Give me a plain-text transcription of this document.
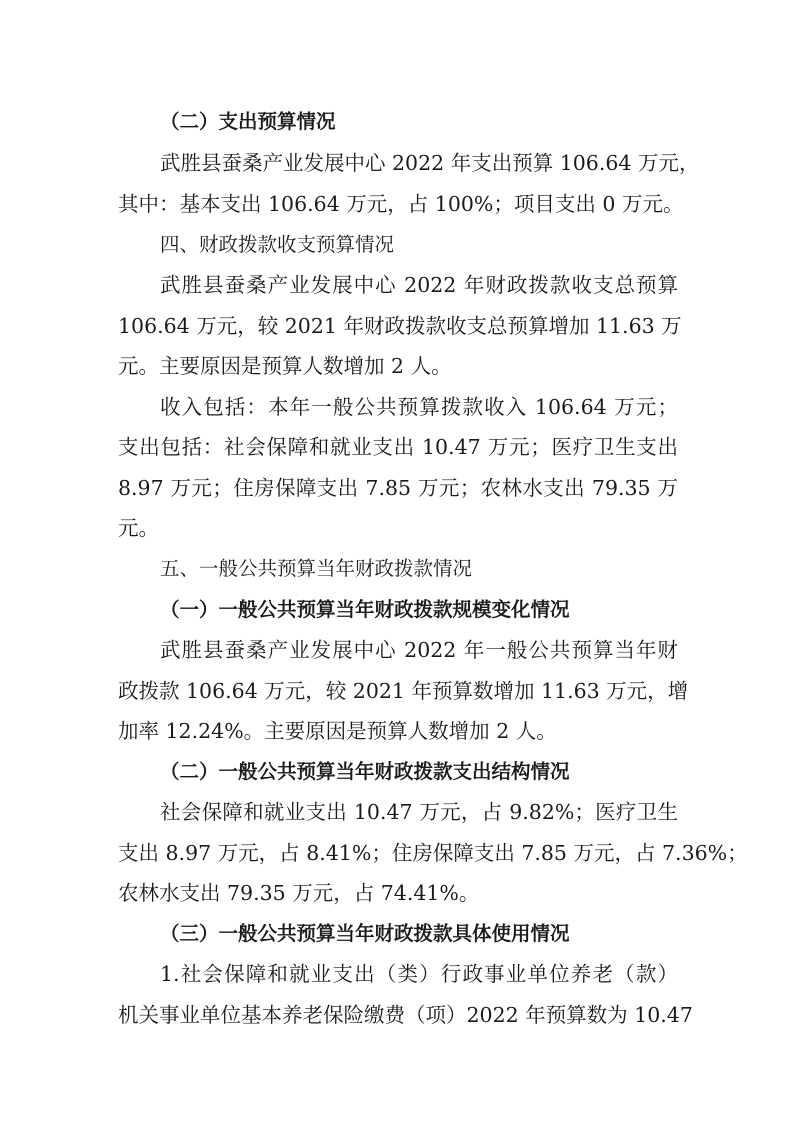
（二）支出预算情况
武胜县蚕桑产业发展中心 2022 年支出预算 106.64 万元，
其中：基本支出 106.64 万元，占 100%；项目支出 0 万元。
四、财政拨款收支预算情况
武胜县蚕桑产业发展中心 2022 年财政拨款收支总预算
106.64 万元，较 2021 年财政拨款收支总预算增加 11.63 万
元。主要原因是预算人数增加 2 人。
收入包括：本年一般公共预算拨款收入 106.64 万元；
支出包括：社会保障和就业支出 10.47 万元；医疗卫生支出
8.97 万元；住房保障支出 7.85 万元；农林水支出 79.35 万
元。
五、一般公共预算当年财政拨款情况
（一）一般公共预算当年财政拨款规模变化情况
武胜县蚕桑产业发展中心 2022 年一般公共预算当年财
政拨款 106.64 万元，较 2021 年预算数增加 11.63 万元，增
加率 12.24%。主要原因是预算人数增加 2 人。
（二）一般公共预算当年财政拨款支出结构情况
社会保障和就业支出 10.47 万元，占 9.82%；医疗卫生
支出 8.97 万元，占 8.41%；住房保障支出 7.85 万元，占 7.36%；
农林水支出 79.35 万元，占 74.41%。
（三）一般公共预算当年财政拨款具体使用情况
1.社会保障和就业支出（类）行政事业单位养老（款）
机关事业单位基本养老保险缴费（项）2022 年预算数为 10.47
